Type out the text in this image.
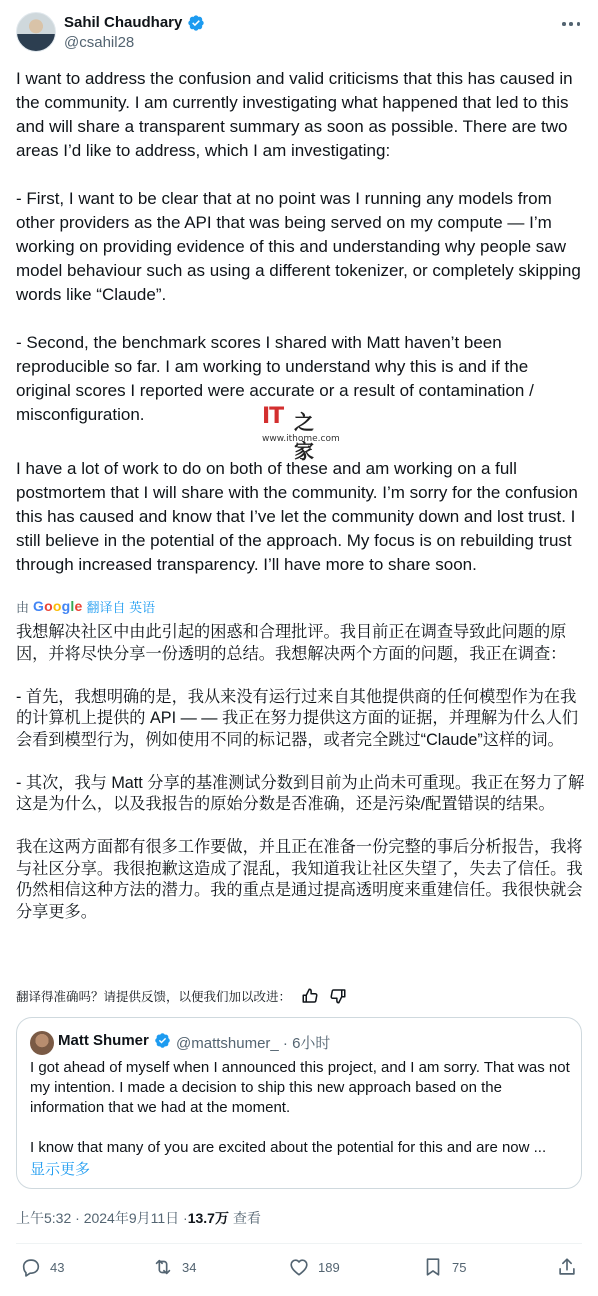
Sahil Chaudhary
@csahil28

I want to address the confusion and valid criticisms that this has caused in the community. I am currently investigating what happened that led to this and will share a transparent summary as soon as possible. There are two areas I’d like to address, which I am investigating:

- First, I want to be clear that at no point was I running any models from other providers as the API that was being served on my compute — I’m working on providing evidence of this and understanding why people saw model behaviour such as using a different tokenizer, or completely skipping words like “Claude”.

- Second, the benchmark scores I shared with Matt haven’t been reproducible so far. I am working to understand why this is and if the original scores I reported were accurate or a result of contamination / misconfiguration.

I have a lot of work to do on both of these and am working on a full postmortem that I will share with the community. I’m sorry for the confusion this has caused and know that I’ve let the community down and lost trust. I still believe in the potential of the approach. My focus is on rebuilding trust through increased transparency. I’ll have more to share soon.

IT 之家
www.ithome.com
由 Google 翻译自 英语

我想解决社区中由此引起的困惑和合理批评。我目前正在调查导致此问题的原因，并将尽快分享一份透明的总结。我想解决两个方面的问题，我正在调查：

- 首先，我想明确的是，我从来没有运行过来自其他提供商的任何模型作为在我的计算机上提供的 API — — 我正在努力提供这方面的证据，并理解为什么人们会看到模型行为，例如使用不同的标记器，或者完全跳过“Claude”这样的词。

- 其次，我与 Matt 分享的基准测试分数到目前为止尚未可重现。我正在努力了解这是为什么，以及我报告的原始分数是否准确，还是污染/配置错误的结果。

我在这两方面都有很多工作要做，并且正在准备一份完整的事后分析报告，我将与社区分享。我很抱歉这造成了混乱，我知道我让社区失望了，失去了信任。我仍然相信这种方法的潜力。我的重点是通过提高透明度来重建信任。我很快就会分享更多。

翻译得准确吗？请提供反馈，以便我们加以改进：
Matt Shumer @mattshumer_ · 6小时

I got ahead of myself when I announced this project, and I am sorry. That was not my intention. I made a decision to ship this new approach based on the information that we had at the moment.

I know that many of you are excited about the potential for this and are now ...

显示更多
上午5:32 · 2024年9月11日 · 13.7万 查看
43	34	189	75
